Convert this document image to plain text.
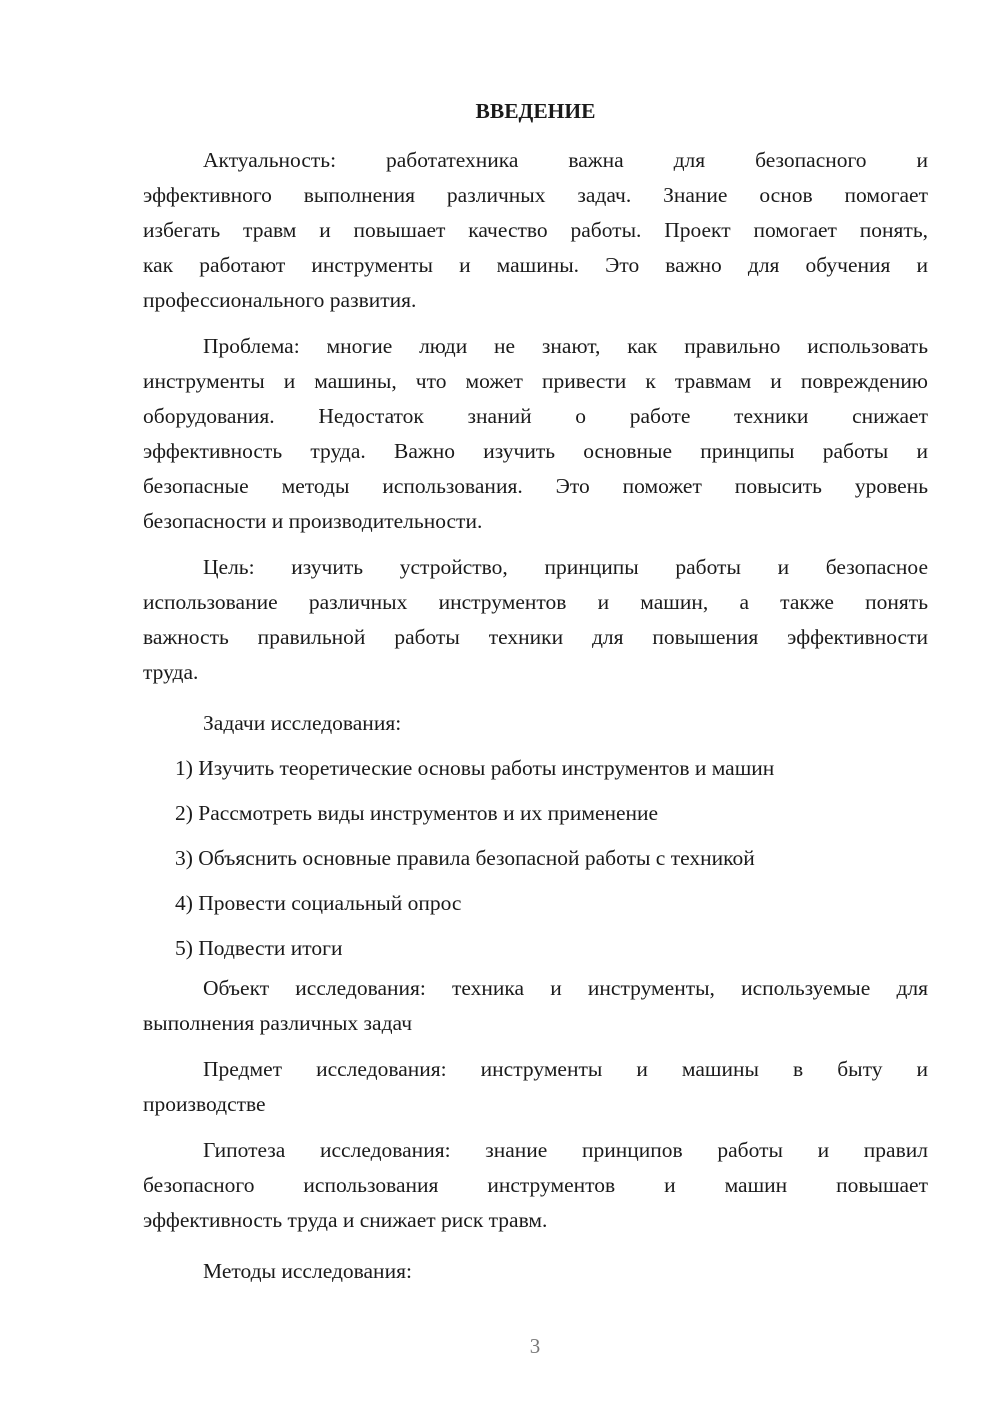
ВВЕДЕНИЕ
Актуальность: работатехника важна для безопасного и
эффективного выполнения различных задач. Знание основ помогает
избегать травм и повышает качество работы. Проект помогает понять,
как работают инструменты и машины. Это важно для обучения и
профессионального развития.
Проблема: многие люди не знают, как правильно использовать
инструменты и машины, что может привести к травмам и повреждению
оборудования. Недостаток знаний о работе техники снижает
эффективность труда. Важно изучить основные принципы работы и
безопасные методы использования. Это поможет повысить уровень
безопасности и производительности.
Цель: изучить устройство, принципы работы и безопасное
использование различных инструментов и машин, а также понять
важность правильной работы техники для повышения эффективности
труда.
Задачи исследования:
1) Изучить теоретические основы работы инструментов и машин
2) Рассмотреть виды инструментов и их применение
3) Объяснить основные правила безопасной работы с техникой
4) Провести социальный опрос
5) Подвести итоги
Объект исследования: техника и инструменты, используемые для
выполнения различных задач
Предмет исследования: инструменты и машины в быту и
производстве
Гипотеза исследования: знание принципов работы и правил
безопасного использования инструментов и машин повышает
эффективность труда и снижает риск травм.
Методы исследования:
3
